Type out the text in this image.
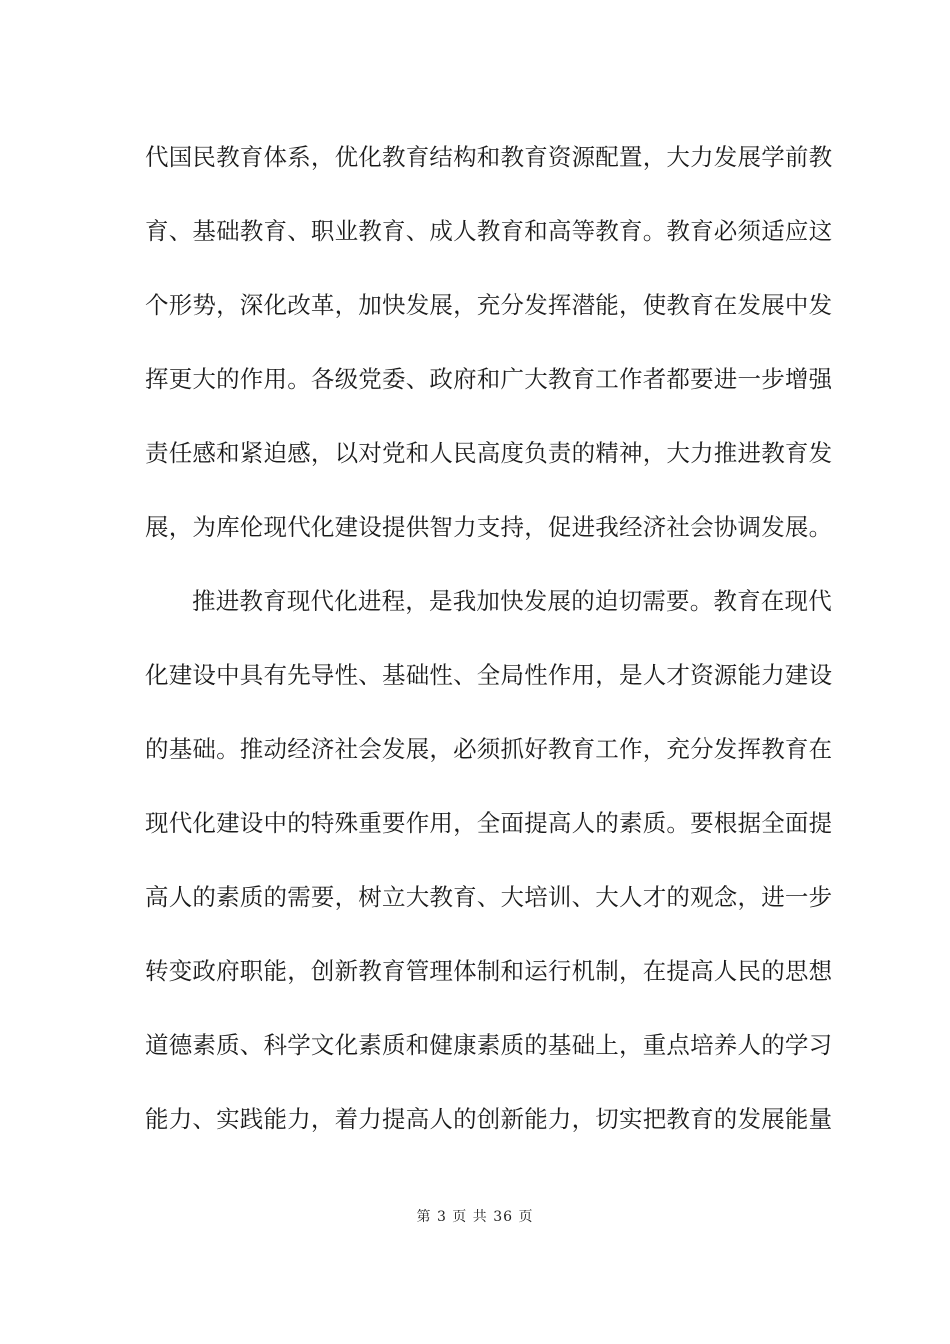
代国民教育体系，优化教育结构和教育资源配置，大力发展学前教
育、基础教育、职业教育、成人教育和高等教育。教育必须适应这
个形势，深化改革，加快发展，充分发挥潜能，使教育在发展中发
挥更大的作用。各级党委、政府和广大教育工作者都要进一步增强
责任感和紧迫感，以对党和人民高度负责的精神，大力推进教育发
展，为库伦现代化建设提供智力支持，促进我经济社会协调发展。
推进教育现代化进程，是我加快发展的迫切需要。教育在现代
化建设中具有先导性、基础性、全局性作用，是人才资源能力建设
的基础。推动经济社会发展，必须抓好教育工作，充分发挥教育在
现代化建设中的特殊重要作用，全面提高人的素质。要根据全面提
高人的素质的需要，树立大教育、大培训、大人才的观念，进一步
转变政府职能，创新教育管理体制和运行机制，在提高人民的思想
道德素质、科学文化素质和健康素质的基础上，重点培养人的学习
能力、实践能力，着力提高人的创新能力，切实把教育的发展能量
第 3 页 共 36 页
